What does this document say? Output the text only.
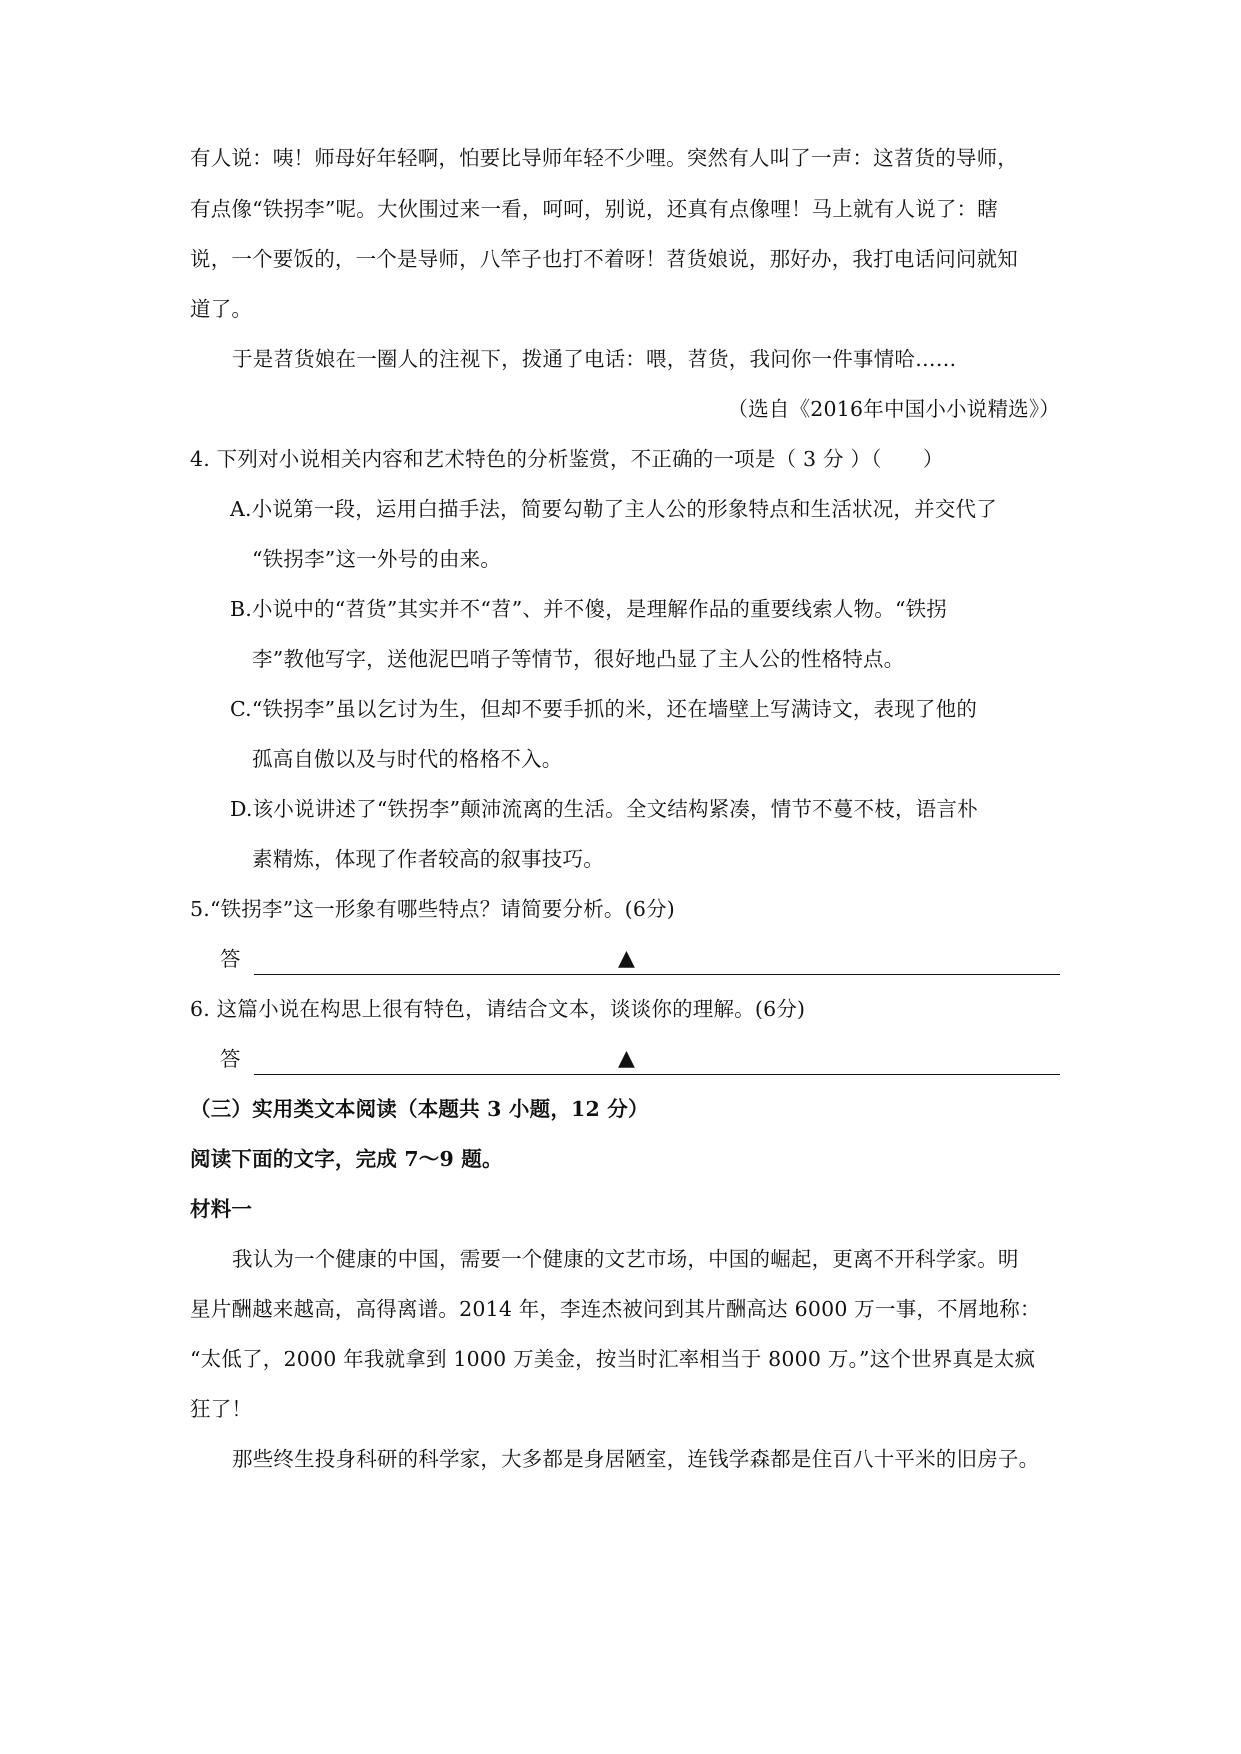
有人说：咦！师母好年轻啊，怕要比导师年轻不少哩。突然有人叫了一声：这苕货的导师，
有点像“铁拐李”呢。大伙围过来一看，呵呵，别说，还真有点像哩！马上就有人说了：瞎
说，一个要饭的，一个是导师，八竿子也打不着呀！苕货娘说，那好办，我打电话问问就知
道了。
于是苕货娘在一圈人的注视下，拨通了电话：喂，苕货，我问你一件事情哈……
（选自《2016年中国小小说精选》）
4. 下列对小说相关内容和艺术特色的分析鉴赏，不正确的一项是（ 3 分 ）（　　）
A.小说第一段，运用白描手法，简要勾勒了主人公的形象特点和生活状况，并交代了
“铁拐李”这一外号的由来。
B.小说中的“苕货”其实并不“苕”、并不傻，是理解作品的重要线索人物。“铁拐
李”教他写字，送他泥巴哨子等情节，很好地凸显了主人公的性格特点。
C.“铁拐李”虽以乞讨为生，但却不要手抓的米，还在墙壁上写满诗文，表现了他的
孤高自傲以及与时代的格格不入。
D.该小说讲述了“铁拐李”颠沛流离的生活。全文结构紧凑，情节不蔓不枝，语言朴
素精炼，体现了作者较高的叙事技巧。
5.“铁拐李”这一形象有哪些特点？请简要分析。(6分)
答	▲
6. 这篇小说在构思上很有特色，请结合文本，谈谈你的理解。(6分)
答	▲
（三）实用类文本阅读（本题共 3 小题，12 分）
阅读下面的文字，完成 7～9 题。
材料一
我认为一个健康的中国，需要一个健康的文艺市场，中国的崛起，更离不开科学家。明
星片酬越来越高，高得离谱。2014 年，李连杰被问到其片酬高达 6000 万一事，不屑地称：
“太低了，2000 年我就拿到 1000 万美金，按当时汇率相当于 8000 万。”这个世界真是太疯
狂了！
那些终生投身科研的科学家，大多都是身居陋室，连钱学森都是住百八十平米的旧房子。
